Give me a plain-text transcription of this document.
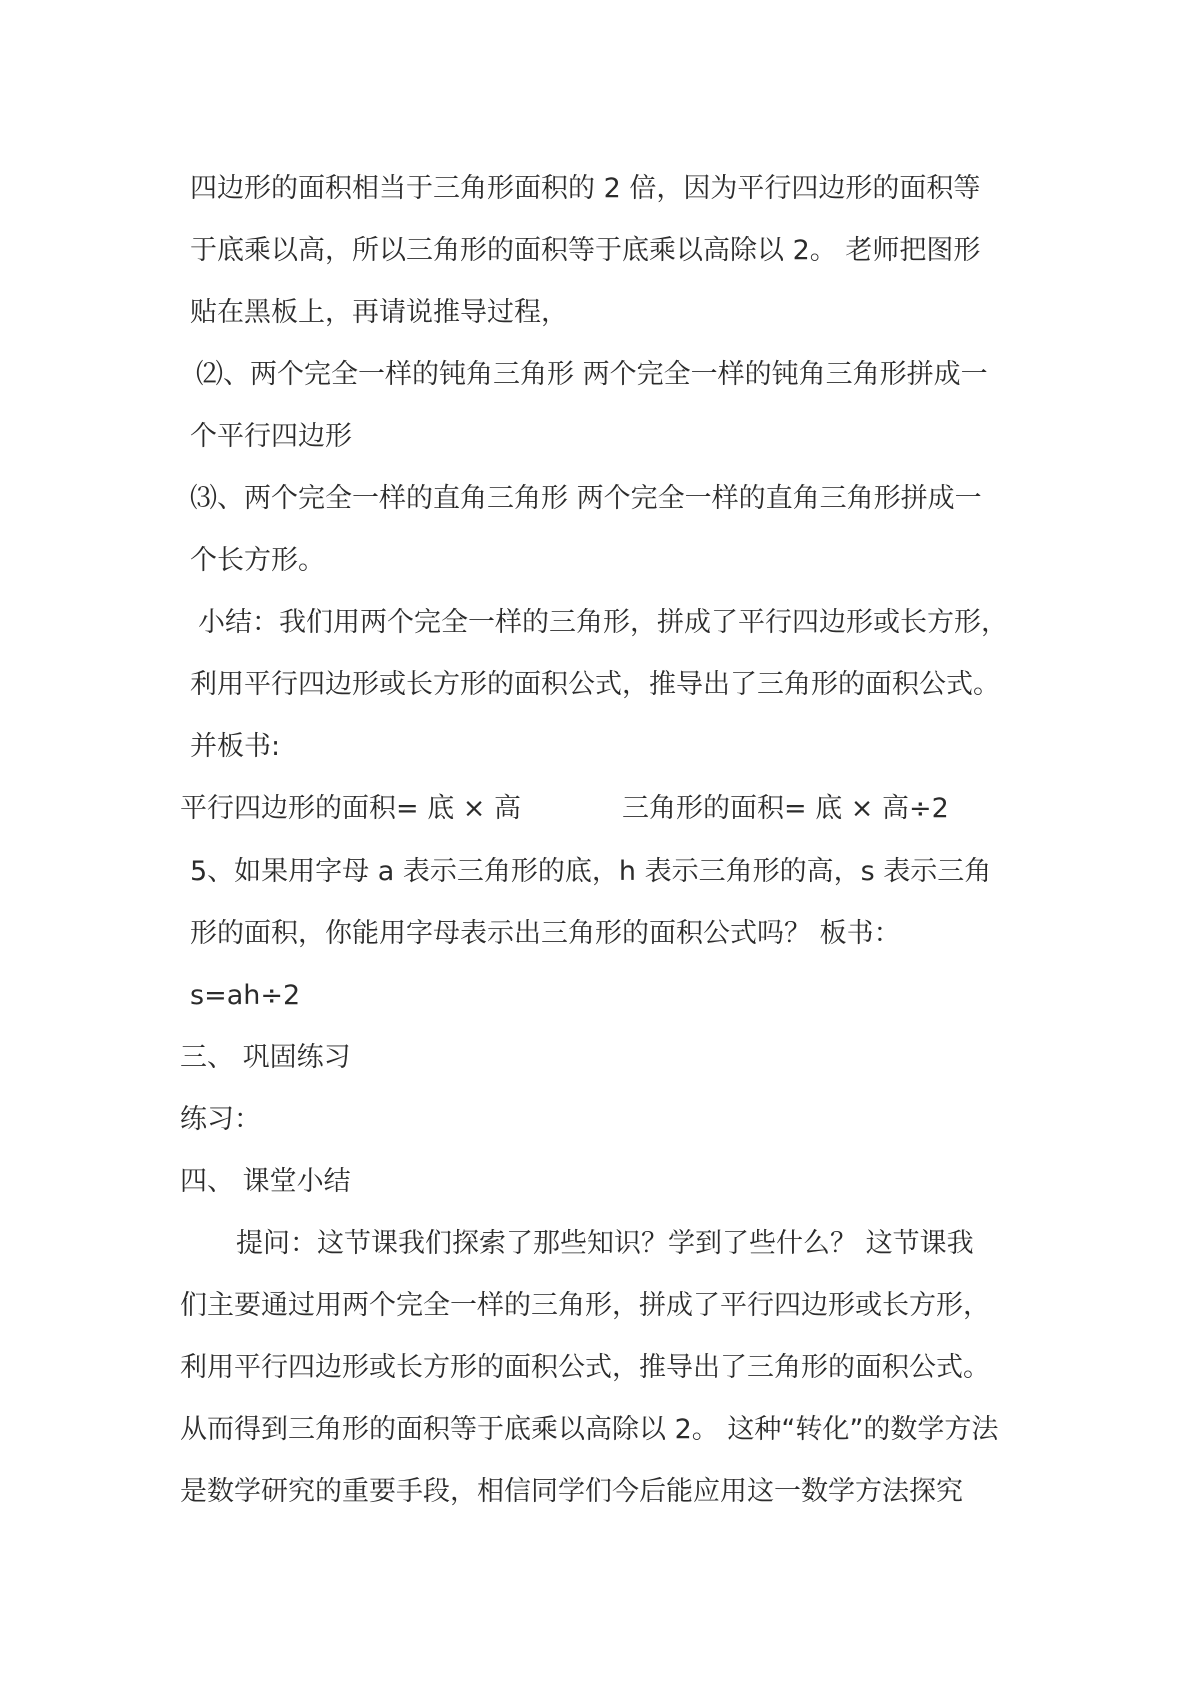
四边形的面积相当于三角形面积的 2 倍，因为平行四边形的面积等
于底乘以高，所以三角形的面积等于底乘以高除以 2。 老师把图形
贴在黑板上，再请说推导过程，
⑵、两个完全一样的钝角三角形 两个完全一样的钝角三角形拼成一
个平行四边形
⑶、两个完全一样的直角三角形 两个完全一样的直角三角形拼成一
个长方形。
小结：我们用两个完全一样的三角形，拼成了平行四边形或长方形，
利用平行四边形或长方形的面积公式，推导出了三角形的面积公式。
并板书:
平行四边形的面积= 底 × 高	三角形的面积= 底 × 高÷2
5、如果用字母 a 表示三角形的底，h 表示三角形的高，s 表示三角
形的面积，你能用字母表示出三角形的面积公式吗？ 板书：
s=ah÷2
三、 巩固练习
练习：
四、 课堂小结
提问：这节课我们探索了那些知识？学到了些什么？ 这节课我
们主要通过用两个完全一样的三角形，拼成了平行四边形或长方形，
利用平行四边形或长方形的面积公式，推导出了三角形的面积公式。
从而得到三角形的面积等于底乘以高除以 2。 这种“转化”的数学方法
是数学研究的重要手段，相信同学们今后能应用这一数学方法探究
